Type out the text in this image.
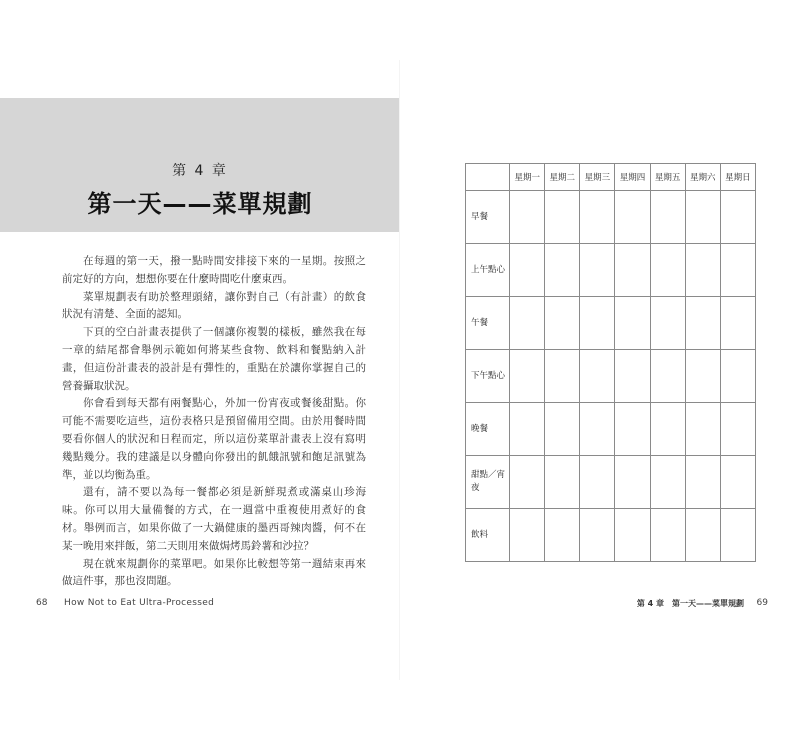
第 4 章
第一天——菜單規劃

在每週的第一天，撥一點時間安排接下來的一星期。按照之前定好的方向，想想你要在什麼時間吃什麼東西。

菜單規劃表有助於整理頭緒，讓你對自己（有計畫）的飲食狀況有清楚、全面的認知。

下頁的空白計畫表提供了一個讓你複製的樣板，雖然我在每一章的結尾都會舉例示範如何將某些食物、飲料和餐點納入計畫，但這份計畫表的設計是有彈性的，重點在於讓你掌握自己的營養攝取狀況。

你會看到每天都有兩餐點心，外加一份宵夜或餐後甜點。你可能不需要吃這些，這份表格只是預留備用空間。由於用餐時間要看你個人的狀況和日程而定，所以這份菜單計畫表上沒有寫明幾點幾分。我的建議是以身體向你發出的飢餓訊號和飽足訊號為準，並以均衡為重。

還有，請不要以為每一餐都必須是新鮮現煮或滿桌山珍海味。你可以用大量備餐的方式，在一週當中重複使用煮好的食材。舉例而言，如果你做了一大鍋健康的墨西哥辣肉醬，何不在某一晚用來拌飯，第二天則用來做焗烤馬鈴薯和沙拉？

現在就來規劃你的菜單吧。如果你比較想等第一週結束再來做這件事，那也沒問題。

68 How Not to Eat Ultra-Processed
	星期一	星期二	星期三	星期四	星期五	星期六	星期日
早餐							
上午點心							
午餐							
下午點心							
晚餐							
甜點／宵夜							
飲料							
第 4 章　第一天——菜單規劃 69
